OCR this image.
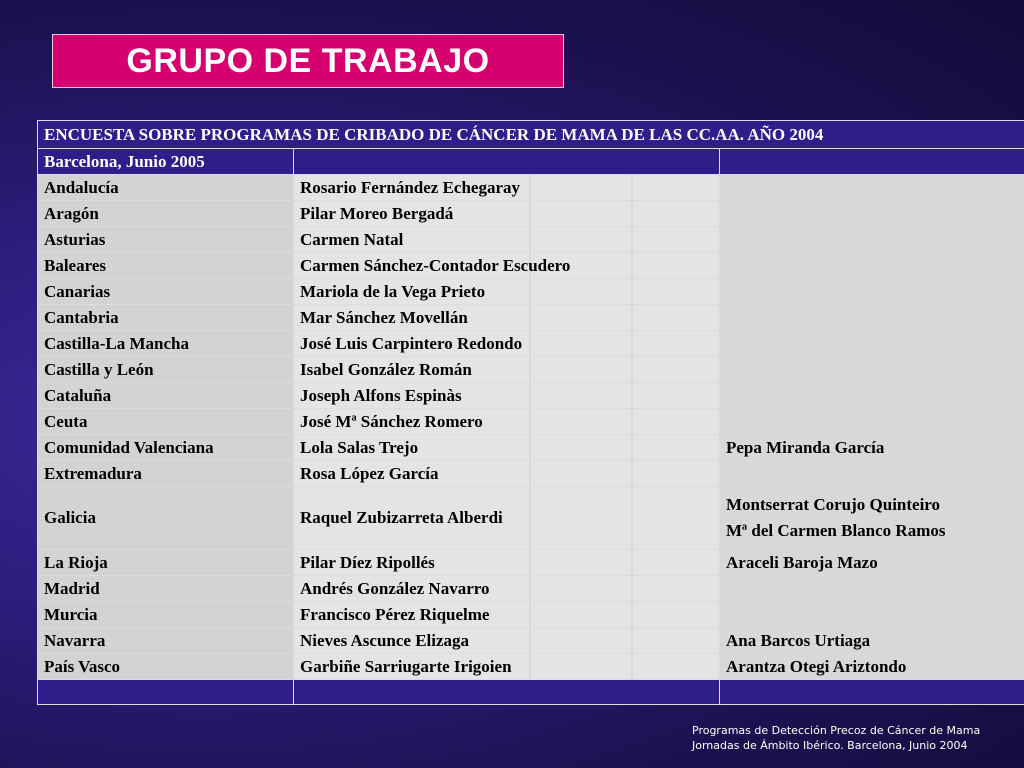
GRUPO DE TRABAJO
ENCUESTA SOBRE PROGRAMAS DE CRIBADO DE CÁNCER DE MAMA DE LAS CC.AA. AÑO 2004		
Barcelona, Junio 2005		
Andalucía	Rosario Fernández Echegaray	
Aragón	Pilar Moreo Bergadá	
Asturias	Carmen Natal	
Baleares	Carmen Sánchez-Contador Escudero	
Canarias	Mariola de la Vega Prieto	
Cantabria	Mar Sánchez Movellán	
Castilla-La Mancha	José Luis Carpintero Redondo	
Castilla y León	Isabel González Román	
Cataluña	Joseph Alfons Espinàs	
Ceuta	José Mª Sánchez Romero	
Comunidad Valenciana	Lola Salas Trejo	Pepa Miranda García
Extremadura	Rosa López García	
Galicia	Raquel Zubizarreta Alberdi	Montserrat Corujo Quinteiro
Mª del Carmen Blanco Ramos

La Rioja	Pilar Díez Ripollés	Araceli Baroja Mazo
Madrid	Andrés González Navarro	
Murcia	Francisco Pérez Riquelme	
Navarra	Nieves Ascunce Elizaga	Ana Barcos Urtiaga
País Vasco	Garbiñe Sarriugarte Irigoien	Arantza Otegi Ariztondo

Programas de Detección Precoz de Cáncer de Mama
Jornadas de Ámbito Ibérico. Barcelona, Junio 2004
